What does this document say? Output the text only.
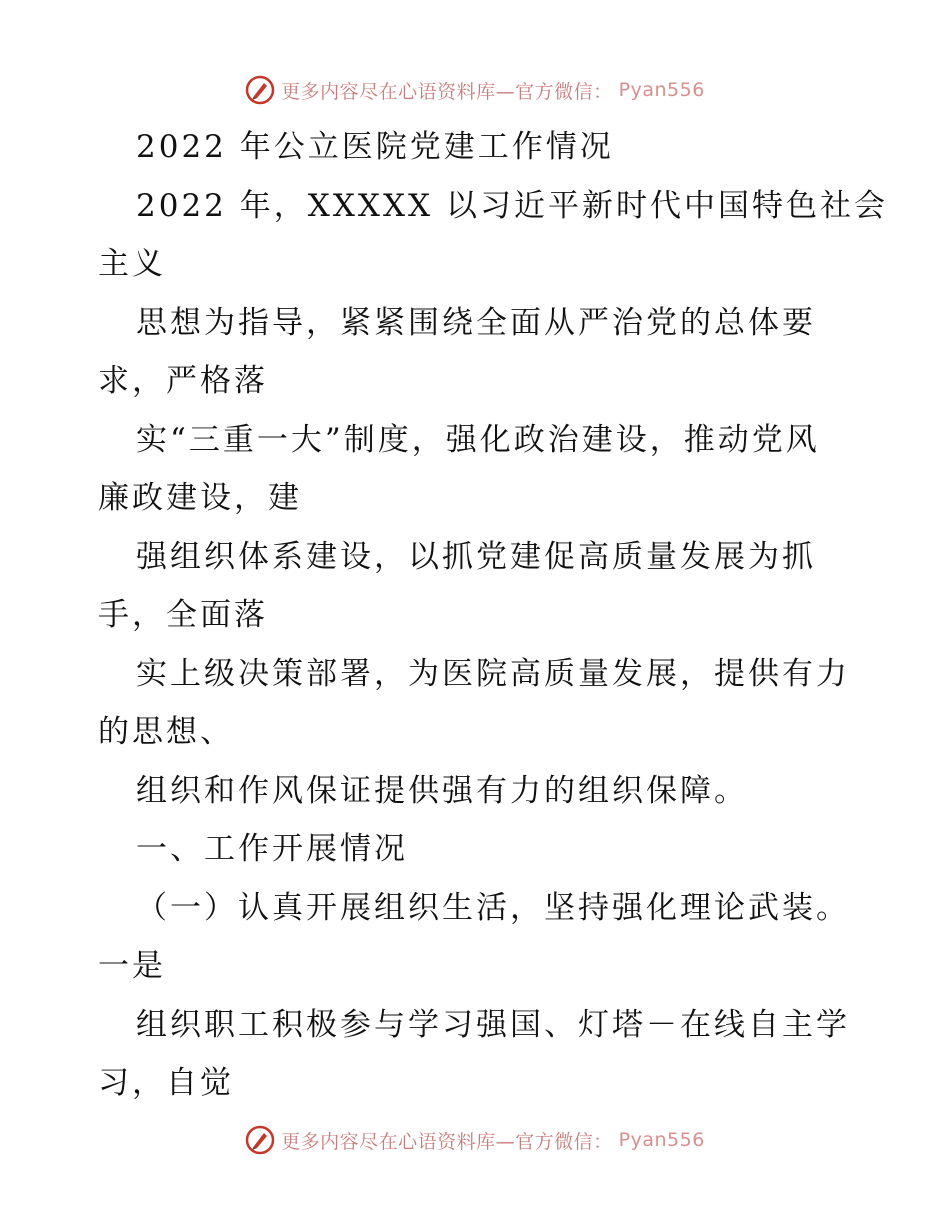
更多内容尽在心语资料库—官方微信： Pyan556
2022 年公立医院党建工作情况
2022 年，XXXXX 以习近平新时代中国特色社会
主义
思想为指导，紧紧围绕全面从严治党的总体要
求，严格落
实“三重一大”制度，强化政治建设，推动党风
廉政建设，建
强组织体系建设，以抓党建促高质量发展为抓
手，全面落
实上级决策部署，为医院高质量发展，提供有力
的思想、
组织和作风保证提供强有力的组织保障。
一、工作开展情况
（一）认真开展组织生活，坚持强化理论武装。
一是
组织职工积极参与学习强国、灯塔－在线自主学
习，自觉
更多内容尽在心语资料库—官方微信： Pyan556
